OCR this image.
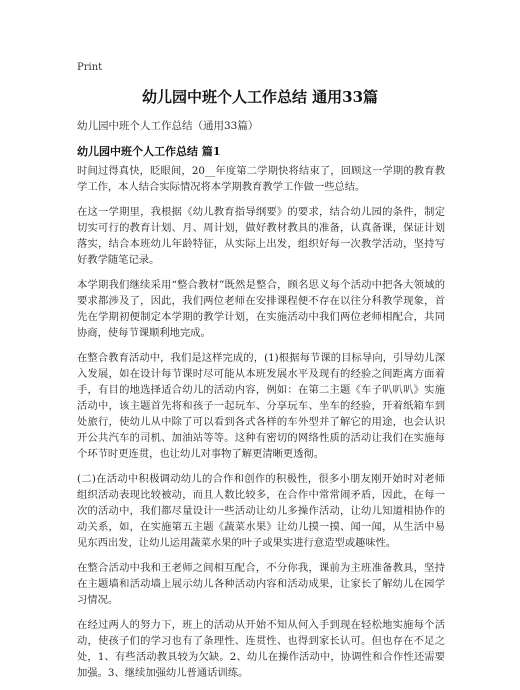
Print
幼儿园中班个人工作总结 通用33篇
幼儿园中班个人工作总结（通用33篇）
幼儿园中班个人工作总结 篇1

时间过得真快，眨眼间，20__年度第二学期快将结束了，回顾这一学期的教育教学工作，本人结合实际情况将本学期教育教学工作做一些总结。

在这一学期里，我根据《幼儿教育指导纲要》的要求，结合幼儿园的条件，制定切实可行的教育计划、月、周计划，做好教材教具的准备，认真备课，保证计划落实，结合本班幼儿年龄特征，从实际上出发，组织好每一次教学活动，坚持写好教学随笔记录。

本学期我们继续采用“整合教材”既然是整合，顾名思义每个活动中把各大领域的要求都涉及了，因此，我们两位老师在安排课程便不存在以往分科教学现象，首先在学期初便制定本学期的教学计划，在实施活动中我们两位老师相配合，共同协商，使每节课顺利地完成。

在整合教育活动中，我们是这样完成的，(1)根据每节课的目标导向，引导幼儿深入发展，如在设计每节课时尽可能从本班发展水平及现有的经验之间距离方面着手，有目的地选择适合幼儿的活动内容，例如：在第二主题《车子叭叭叭》实施活动中，该主题首先将和孩子一起玩车、分享玩车、坐车的经验，开着纸箱车到处旅行，使幼儿从中除了可以看到各式各样的车外型并了解它的用途，也会认识开公共汽车的司机、加油站等等。这种有密切的网络性质的活动让我们在实施每个环节时更连贯，也让幼儿对事物了解更清晰更透彻。

(二)在活动中积极调动幼儿的合作和创作的积极性，很多小朋友刚开始时对老师组织活动表现比较被动，而且人数比较多，在合作中常常闹矛盾，因此，在每一次的活动中，我们都尽量设计一些活动让幼儿多操作活动，让幼儿知道相协作的动关系，如，在实施第五主题《蔬菜水果》让幼儿摸一摸、闻一闻，从生活中易见东西出发，让幼儿运用蔬菜水果的叶子或果实进行意造型或趣味性。

在整合活动中我和王老师之间相互配合，不分你我，课前为主班准备教具，坚持在主题墙和活动墙上展示幼儿各种活动内容和活动成果，让家长了解幼儿在园学习情况。

在经过两人的努力下，班上的活动从开始不知从何入手到现在轻松地实施每个活动，使孩子们的学习也有了条理性、连贯性、也得到家长认可。但也存在不足之处，1、有些活动教具较为欠缺。2、幼儿在操作活动中，协调性和合作性还需要加强。3、继续加强幼儿普通话训练。
